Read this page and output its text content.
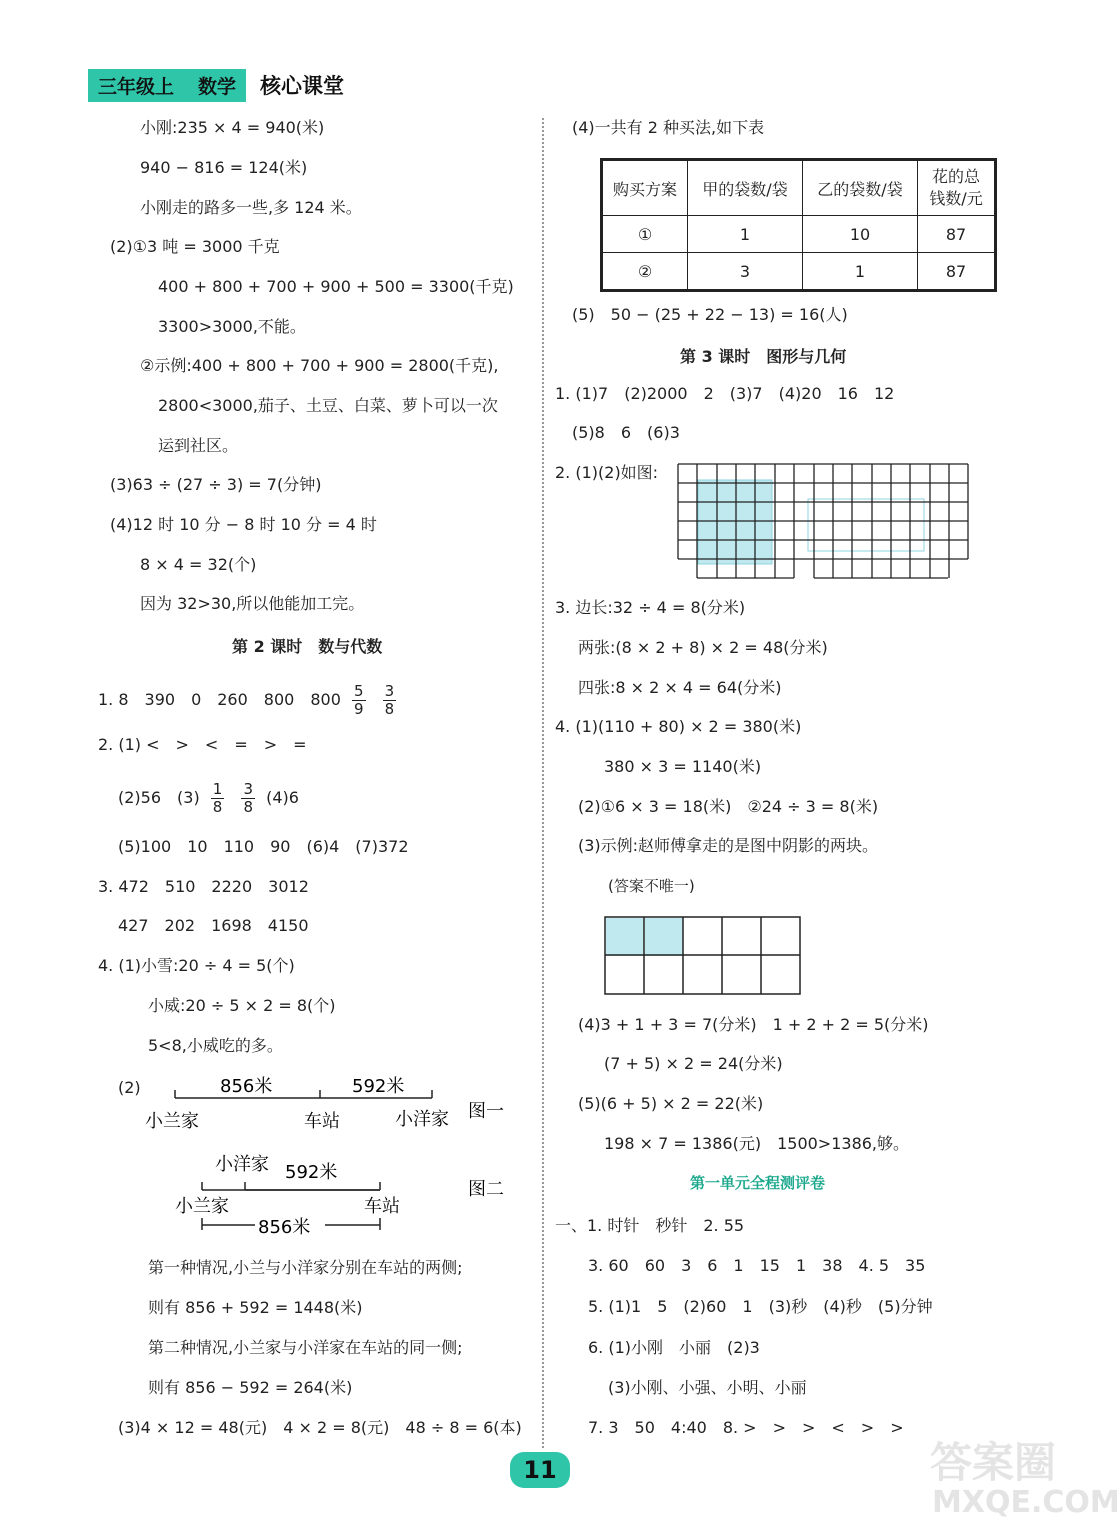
三年级上 数学 核心课堂
小刚:235 × 4 = 940(米)
940 − 816 = 124(米)
小刚走的路多一些,多 124 米。
(2)①3 吨 = 3000 千克
400 + 800 + 700 + 900 + 500 = 3300(千克)
3300>3000,不能。
②示例:400 + 800 + 700 + 900 = 2800(千克),
2800<3000,茄子、土豆、白菜、萝卜可以一次
运到社区。
(3)63 ÷ (27 ÷ 3) = 7(分钟)
(4)12 时 10 分 − 8 时 10 分 = 4 时
8 × 4 = 32(个)
因为 32>30,所以他能加工完。
第 2 课时　数与代数
1. 8　390　0　260　800　$800 \frac{5}{9}$
$\frac{3}{8}$
2. (1) <　>　<　=　>　=
(2)56　$(3) \frac{1}{8}$
$\frac{3}{8} (4)6$
(5)100　10　110　90　(6)4　(7)372
3. 472　510　2220　3012
427　202　1698　4150
4. (1)小雪:20 ÷ 4 = 5(个)
小威:20 ÷ 5 × 2 = 8(个)
5<8,小威吃的多。
(2)	856米	592米
小兰家	车站	小洋家 图一
小洋家 592米
小兰家	车站
856米
图二
第一种情况,小兰与小洋家分别在车站的两侧;
则有 856 + 592 = 1448(米)
第二种情况,小兰家与小洋家在车站的同一侧;
则有 856 − 592 = 264(米)
(3)4 × 12 = 48(元)　4 × 2 = 8(元)　48 ÷ 8 = 6(本)
(4)一共有 2 种买法,如下表
购买方案	甲的袋数/袋	乙的袋数/袋	花的总
钱数/元
①	1	10	87
②	3	1	87
(5)　50 − (25 + 22 − 13) = 16(人)
第 3 课时　图形与几何
1. (1)7　(2)2000　2　(3)7　(4)20　16　12
(5)8　6　(6)3
2. (1)(2)如图:
3. 边长:32 ÷ 4 = 8(分米)
两张:(8 × 2 + 8) × 2 = 48(分米)
四张:8 × 2 × 4 = 64(分米)
4. (1)(110 + 80) × 2 = 380(米)
380 × 3 = 1140(米)
(2)①6 × 3 = 18(米)　②24 ÷ 3 = 8(米)
(3)示例:赵师傅拿走的是图中阴影的两块。
(答案不唯一)
(4)3 + 1 + 3 = 7(分米)　1 + 2 + 2 = 5(分米)
(7 + 5) × 2 = 24(分米)
(5)(6 + 5) × 2 = 22(米)
198 × 7 = 1386(元)　1500>1386,够。
第一单元全程测评卷
一、1. 时针　秒针　2. 55
3. 60　60　3　6　1　15　1　38　4. 5　35
5. (1)1　5　(2)60　1　(3)秒　(4)秒　(5)分钟
6. (1)小刚　小丽　(2)3
(3)小刚、小强、小明、小丽
7. 3　50　4:40　8. >　>　>　<　>　>
11	答案圈
MXQE.COM
